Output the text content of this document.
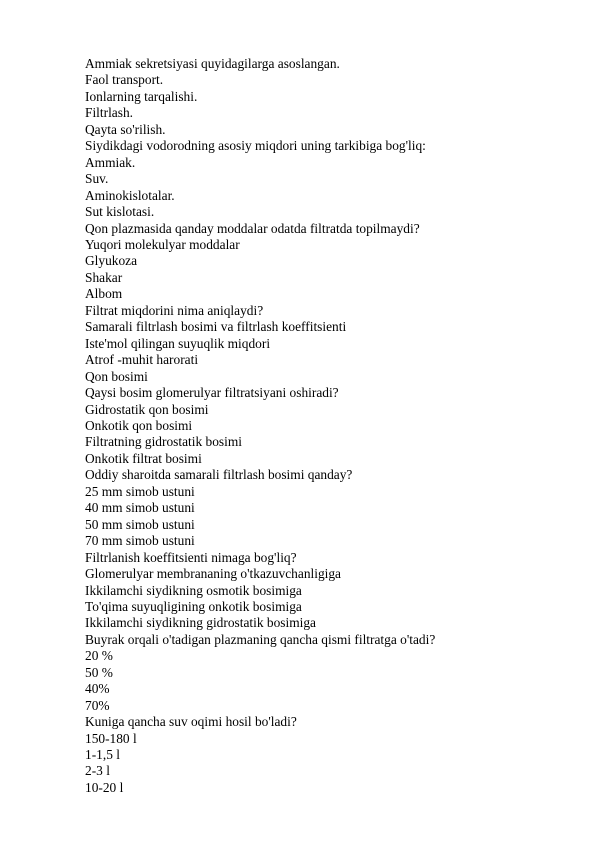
Ammiak sekretsiyasi quyidagilarga asoslangan.

Faol transport.

Ionlarning tarqalishi.

Filtrlash.

Qayta so'rilish.

Siydikdagi vodorodning asosiy miqdori uning tarkibiga bog'liq:

Ammiak.

Suv.

Aminokislotalar.

Sut kislotasi.

Qon plazmasida qanday moddalar odatda filtratda topilmaydi?

Yuqori molekulyar moddalar

Glyukoza

Shakar

Albom

Filtrat miqdorini nima aniqlaydi?

Samarali filtrlash bosimi va filtrlash koeffitsienti

Iste'mol qilingan suyuqlik miqdori

Atrof -muhit harorati

Qon bosimi

Qaysi bosim glomerulyar filtratsiyani oshiradi?

Gidrostatik qon bosimi

Onkotik qon bosimi

Filtratning gidrostatik bosimi

Onkotik filtrat bosimi

Oddiy sharoitda samarali filtrlash bosimi qanday?

25 mm simob ustuni

40 mm simob ustuni

50 mm simob ustuni

70 mm simob ustuni

Filtrlanish koeffitsienti nimaga bog'liq?

Glomerulyar membrananing o'tkazuvchanligiga

Ikkilamchi siydikning osmotik bosimiga

To'qima suyuqligining onkotik bosimiga

Ikkilamchi siydikning gidrostatik bosimiga

Buyrak orqali o'tadigan plazmaning qancha qismi filtratga o'tadi?

20 %

50 %

40%

70%

Kuniga qancha suv oqimi hosil bo'ladi?

150-180 l

1-1,5 l

2-3 l

10-20 l
